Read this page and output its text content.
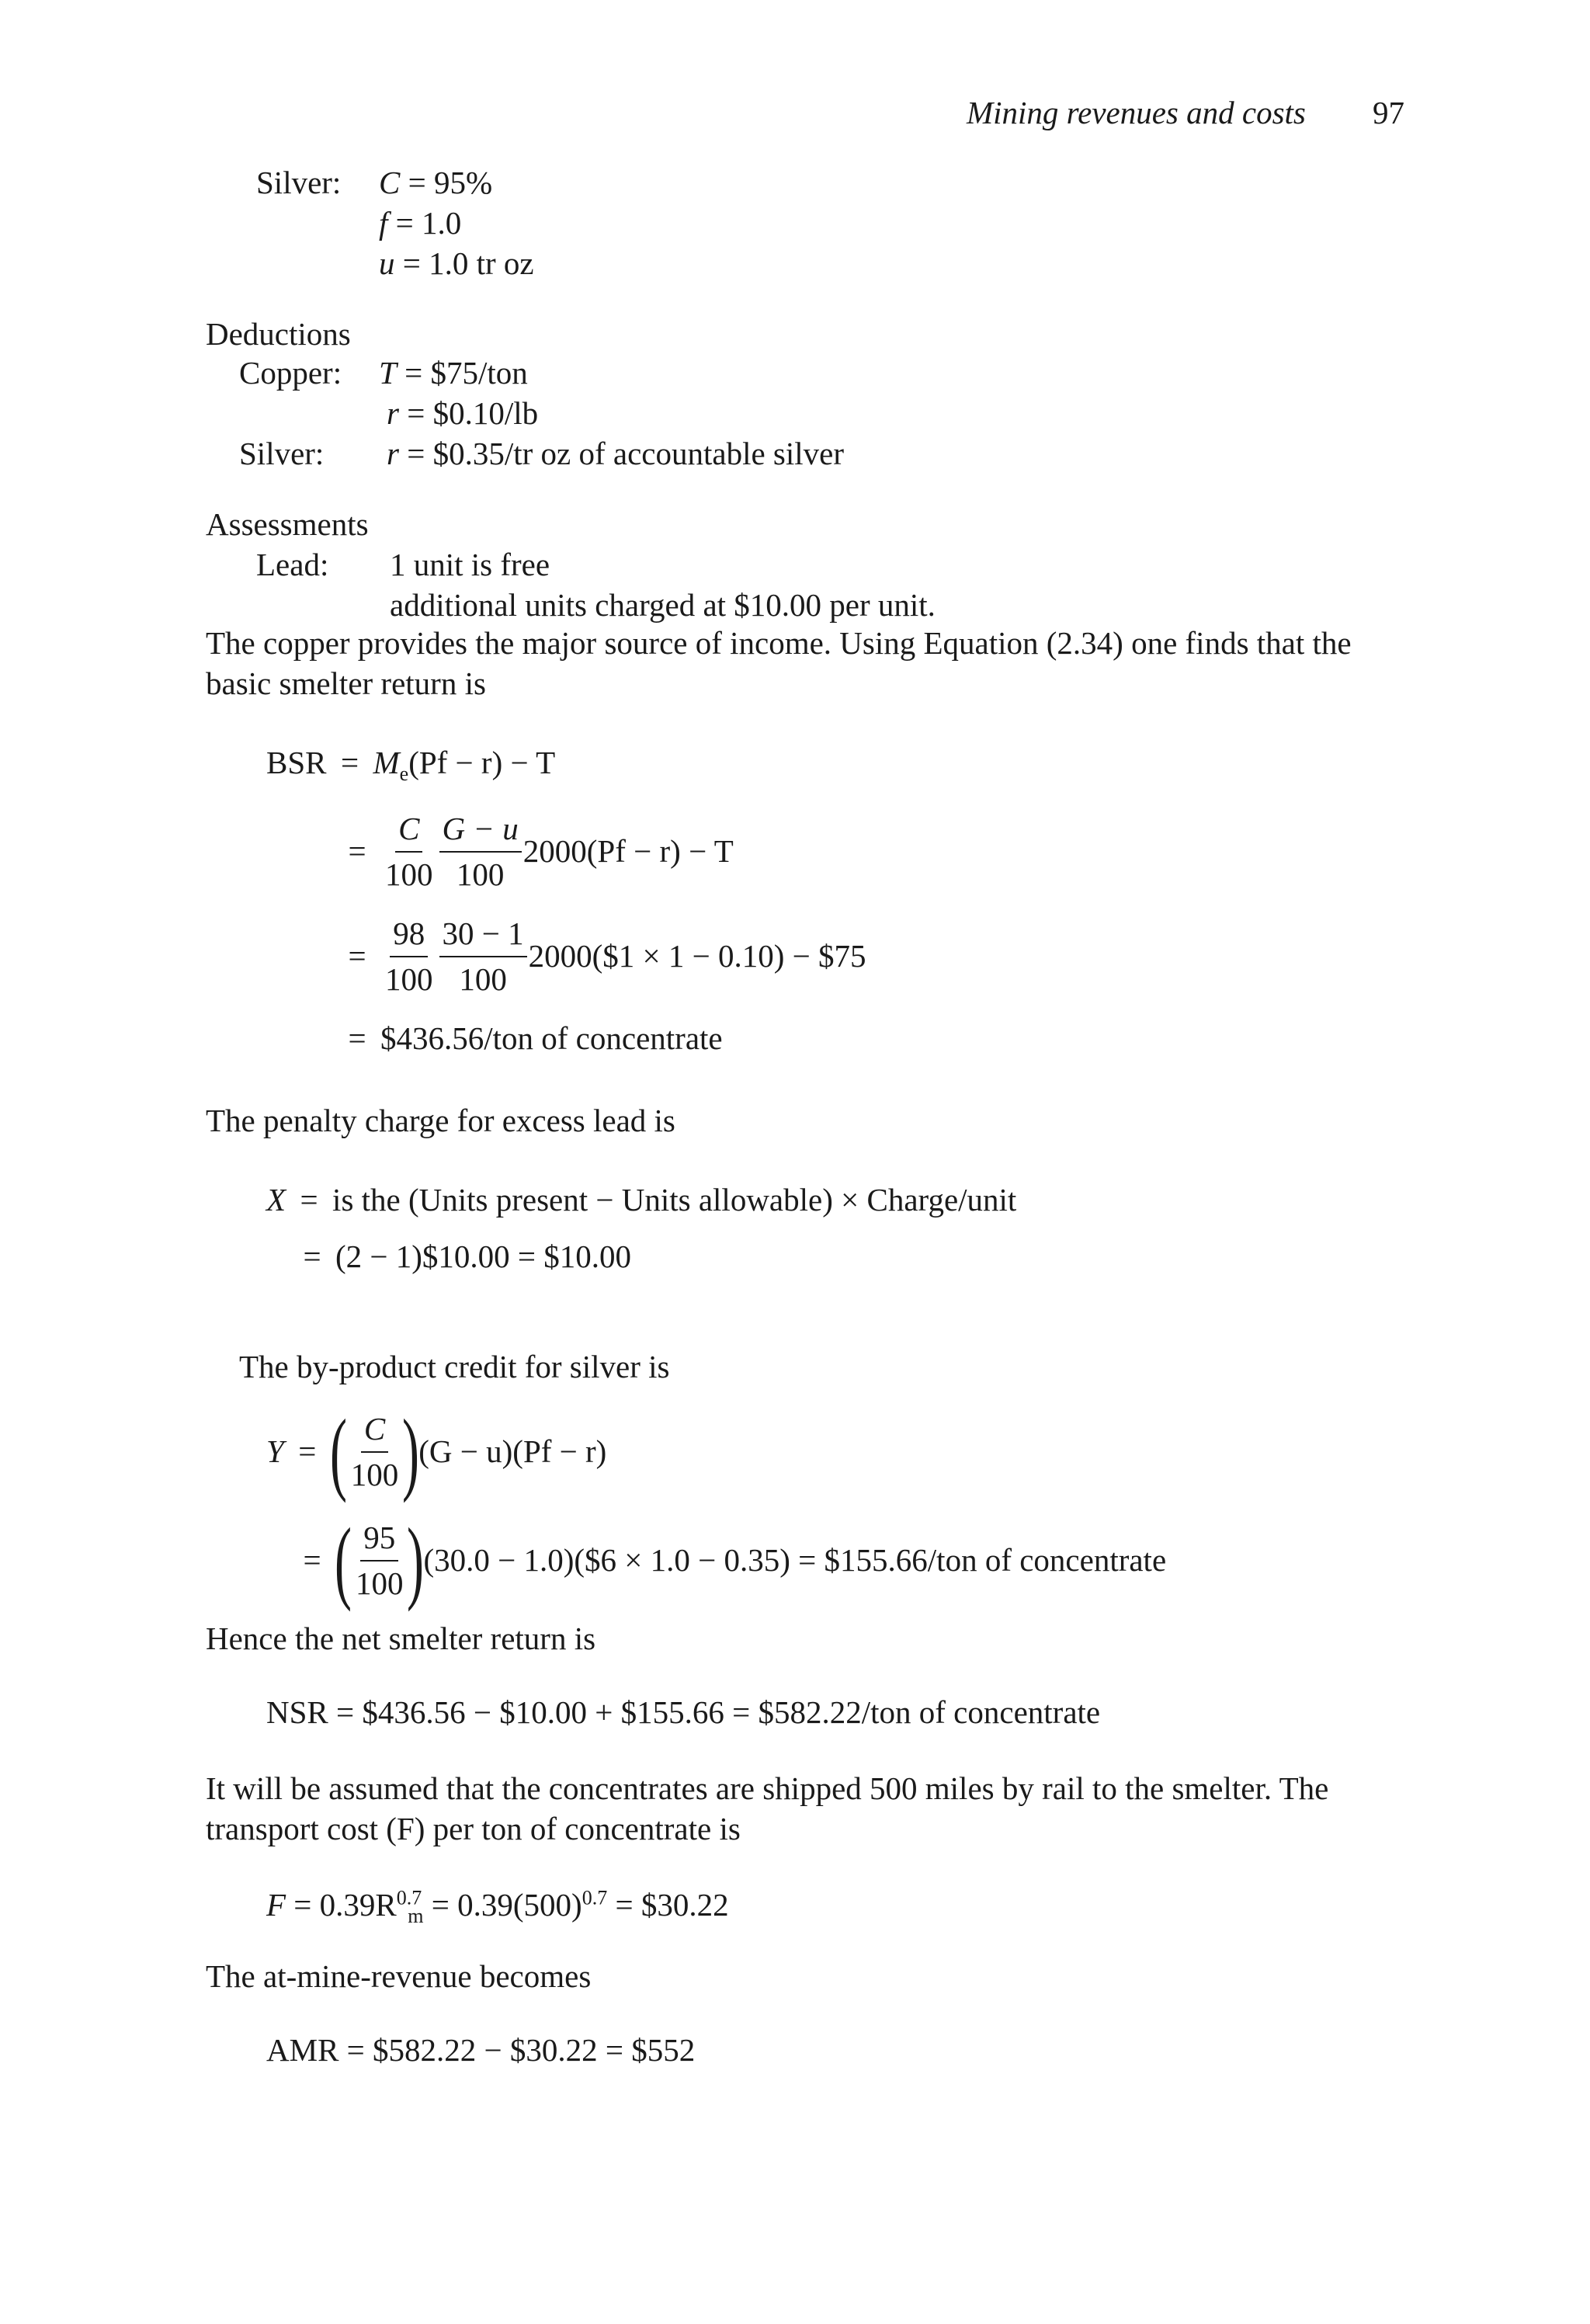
Mining revenues and costs 97
Silver: C = 95%
f = 1.0
u = 1.0 tr oz
Deductions
Copper: T = $75/ton
r = $0.10/lb
Silver: r = $0.35/tr oz of accountable silver
Assessments
Lead: 1 unit is free
additional units charged at $10.00 per unit.
The copper provides the major source of income. Using Equation (2.34) one finds that the
basic smelter return is
BSR = $M_e(Pf - r) - T$
= $\frac{C}{100} \frac{G - u}{100} 2000(Pf - r) - T$
= $\frac{98}{100} \frac{30 - 1}{100}$ 2000($1 × 1 − 0.10) − $75
= $436.56/ton of concentrate
The penalty charge for excess lead is
X = is the (Units present − Units allowable) × Charge/unit
= (2 − 1)$10.00 = $10.00
The by-product credit for silver is
Y = ( $\frac{C}{100}$ )
(G − u)(Pf − r)
= ( $\frac{95}{100}$ )
(30.0 − 1.0)($6 × 1.0 − 0.35) = $155.66/ton of concentrate
Hence the net smelter return is
NSR = $436.56 − $10.00 + $155.66 = $582.22/ton of concentrate
It will be assumed that the concentrates are shipped 500 miles by rail to the smelter. The
transport cost (F) per ton of concentrate is
$F = 0.39R^{0.7}_m = 0.39(500)^{0.7}$ = $30.22
The at-mine-revenue becomes
AMR = $582.22 − $30.22 = $552
